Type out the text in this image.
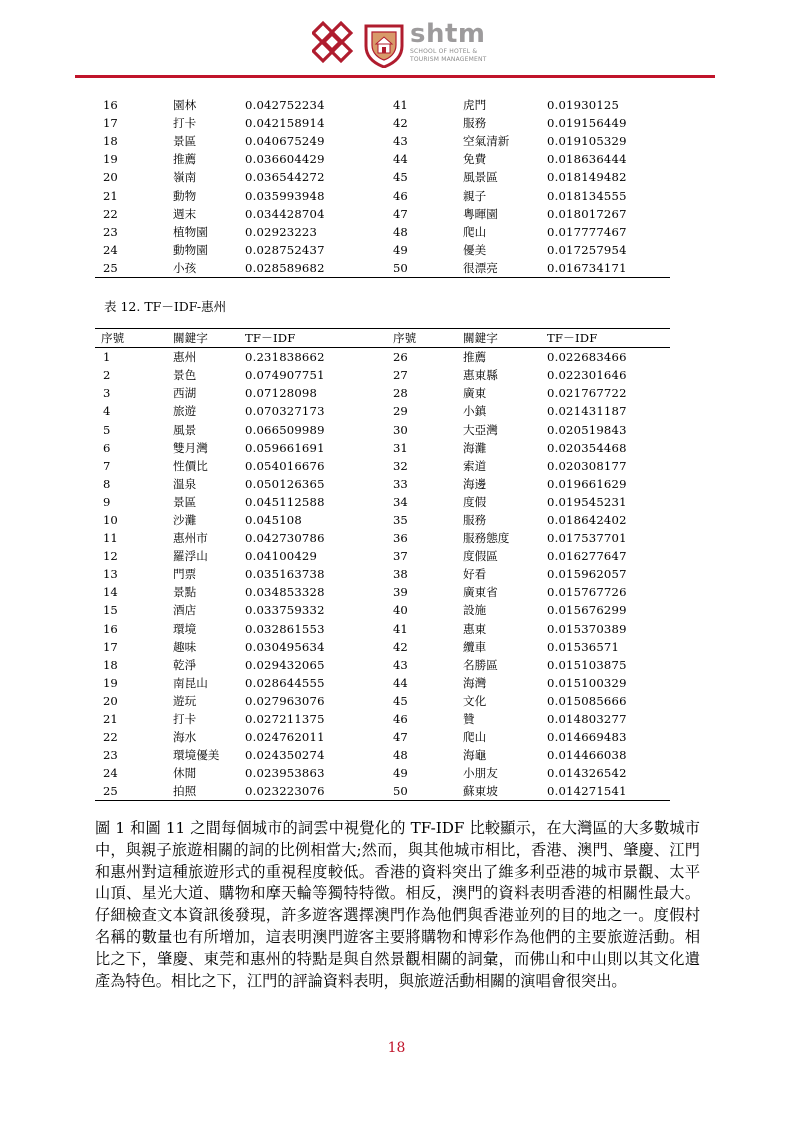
shtm
SCHOOL OF HOTEL &
TOURISM MANAGEMENT
16	園林	0.042752234	41	虎門	0.01930125
17	打卡	0.042158914	42	服務	0.019156449
18	景區	0.040675249	43	空氣清新	0.019105329
19	推薦	0.036604429	44	免費	0.018636444
20	嶺南	0.036544272	45	風景區	0.018149482
21	動物	0.035993948	46	親子	0.018134555
22	週末	0.034428704	47	粵暉園	0.018017267
23	植物園	0.02923223	48	爬山	0.017777467
24	動物園	0.028752437	49	優美	0.017257954
25	小孩	0.028589682	50	很漂亮	0.016734171
表 12. TF－IDF-惠州
序號	關鍵字	TF－IDF	序號	關鍵字	TF－IDF
1	惠州	0.231838662	26	推薦	0.022683466
2	景色	0.074907751	27	惠東縣	0.022301646
3	西湖	0.07128098	28	廣東	0.021767722
4	旅遊	0.070327173	29	小鎮	0.021431187
5	風景	0.066509989	30	大亞灣	0.020519843
6	雙月灣	0.059661691	31	海灘	0.020354468
7	性價比	0.054016676	32	索道	0.020308177
8	溫泉	0.050126365	33	海邊	0.019661629
9	景區	0.045112588	34	度假	0.019545231
10	沙灘	0.045108	35	服務	0.018642402
11	惠州市	0.042730786	36	服務態度	0.017537701
12	羅浮山	0.04100429	37	度假區	0.016277647
13	門票	0.035163738	38	好看	0.015962057
14	景點	0.034853328	39	廣東省	0.015767726
15	酒店	0.033759332	40	設施	0.015676299
16	環境	0.032861553	41	惠東	0.015370389
17	趣味	0.030495634	42	纜車	0.01536571
18	乾淨	0.029432065	43	名勝區	0.015103875
19	南昆山	0.028644555	44	海灣	0.015100329
20	遊玩	0.027963076	45	文化	0.015085666
21	打卡	0.027211375	46	贊	0.014803277
22	海水	0.024762011	47	爬山	0.014669483
23	環境優美	0.024350274	48	海龜	0.014466038
24	休閒	0.023953863	49	小朋友	0.014326542
25	拍照	0.023223076	50	蘇東坡	0.014271541
圖 1 和圖 11 之間每個城市的詞雲中視覺化的 TF-IDF 比較顯示，在大灣區的大多數城市中，與親子旅遊相關的詞的比例相當大;然而，與其他城市相比，香港、澳門、肇慶、江門和惠州對這種旅遊形式的重視程度較低。香港的資料突出了維多利亞港的城市景觀、太平山頂、星光大道、購物和摩天輪等獨特特徵。相反，澳門的資料表明香港的相關性最大。仔細檢查文本資訊後發現，許多遊客選擇澳門作為他們與香港並列的目的地之一。度假村名稱的數量也有所增加，這表明澳門遊客主要將購物和博彩作為他們的主要旅遊活動。相比之下，肇慶、東莞和惠州的特點是與自然景觀相關的詞彙，而佛山和中山則以其文化遺產為特色。相比之下，江門的評論資料表明，與旅遊活動相關的演唱會很突出。
18
